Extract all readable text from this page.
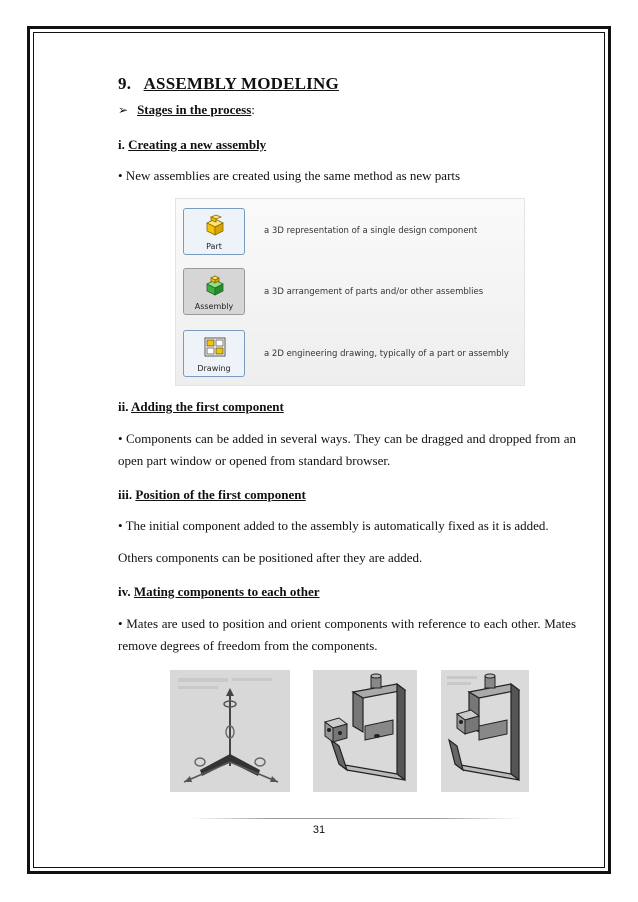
9. ASSEMBLY MODELING
➢ Stages in the process:
i. Creating a new assembly
• New assemblies are created using the same method as new parts
Part
a 3D representation of a single design component
Assembly
a 3D arrangement of parts and/or other assemblies
Drawing
a 2D engineering drawing, typically of a part or assembly
ii. Adding the first component
• Components can be added in several ways. They can be dragged and dropped from an open part window or opened from standard browser.
iii. Position of the first component
• The initial component added to the assembly is automatically fixed as it is added.
Others components can be positioned after they are added.
iv. Mating components to each other
• Mates are used to position and orient components with reference to each other. Mates remove degrees of freedom from the components.
31
